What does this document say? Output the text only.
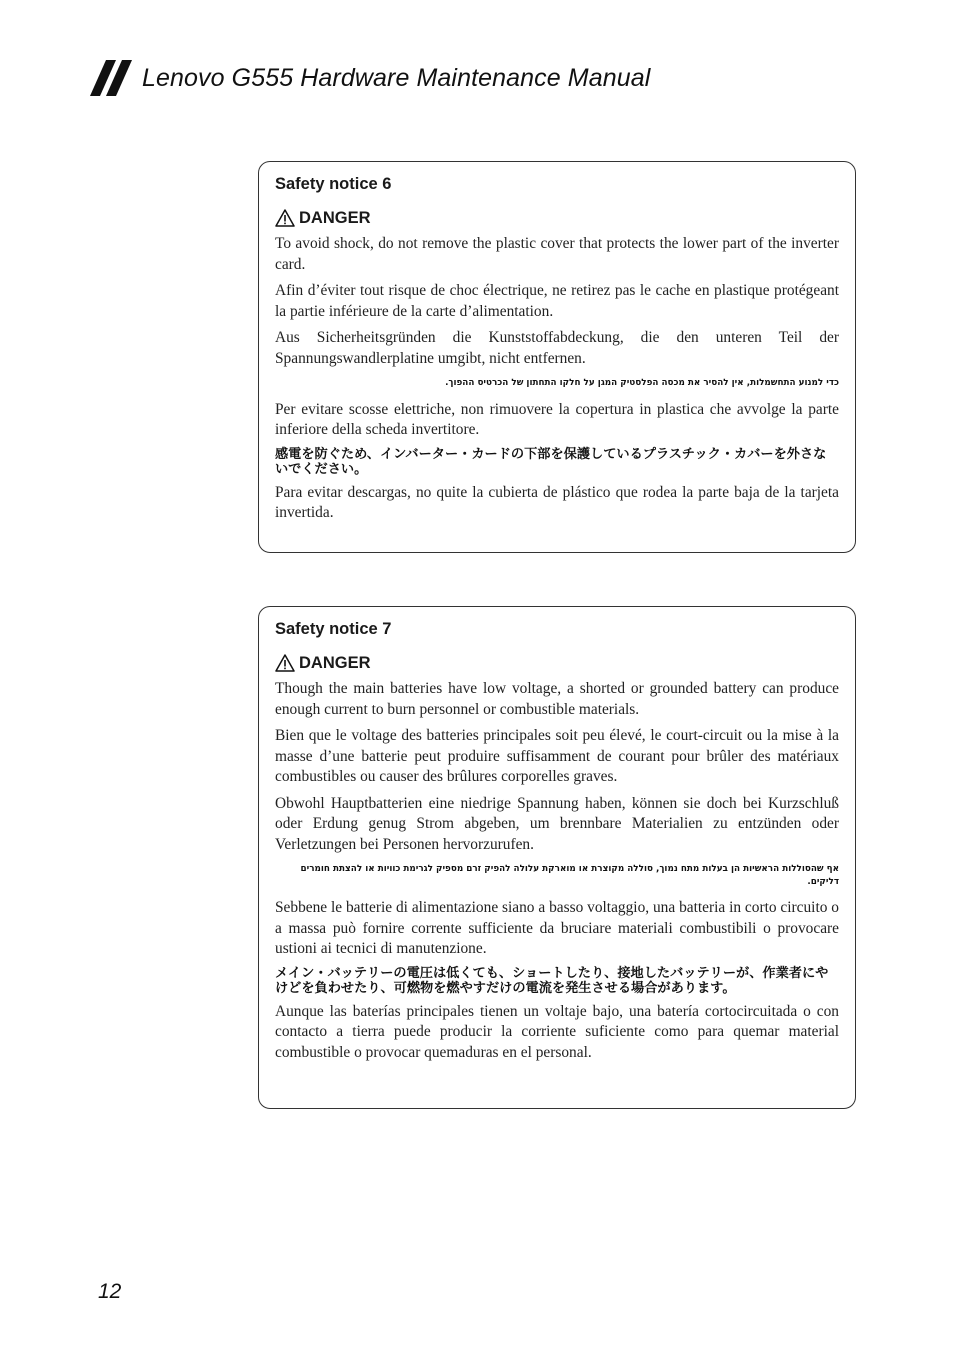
Lenovo G555 Hardware Maintenance Manual
Safety notice 6
DANGER

To avoid shock, do not remove the plastic cover that protects the lower part of the inverter card.

Afin d’éviter tout risque de choc électrique, ne retirez pas le cache en plastique protégeant la partie inférieure de la carte d’alimentation.

Aus Sicherheitsgründen die Kunststoffabdeckung, die den unteren Teil der Spannungswandlerplatine umgibt, nicht entfernen.

כדי למנוע התחשמלות, אין להסיר את מכסה הפלסטיק המגן על חלקו התחתון של הכרטיס ההפוך.

Per evitare scosse elettriche, non rimuovere la copertura in plastica che avvolge la parte inferiore della scheda invertitore.

感電を防ぐため、インバーター・カードの下部を保護しているプラスチック・カバーを外さないでください。

Para evitar descargas, no quite la cubierta de plástico que rodea la parte baja de la tarjeta invertida.

Safety notice 7
DANGER

Though the main batteries have low voltage, a shorted or grounded battery can produce enough current to burn personnel or combustible materials.

Bien que le voltage des batteries principales soit peu élevé, le court-circuit ou la mise à la masse d’une batterie peut produire suffisamment de courant pour brûler des matériaux combustibles ou causer des brûlures corporelles graves.

Obwohl Hauptbatterien eine niedrige Spannung haben, können sie doch bei Kurzschluß oder Erdung genug Strom abgeben, um brennbare Materialien zu entzünden oder Verletzungen bei Personen hervorzurufen.

אף שהסוללות הראשיות הן בעלות מתח נמוך, סוללה מקוצרת או מוארקת עלולה להפיק זרם מספיק לגרימת כוויות או להצתת חומרים דליקים.

Sebbene le batterie di alimentazione siano a basso voltaggio, una batteria in corto circuito o a massa può fornire corrente sufficiente da bruciare materiali combustibili o provocare ustioni ai tecnici di manutenzione.

メイン・バッテリーの電圧は低くても、ショートしたり、接地したバッテリーが、作業者にやけどを負わせたり、可燃物を燃やすだけの電流を発生させる場合があります。

Aunque las baterías principales tienen un voltaje bajo, una batería cortocircuitada o con contacto a tierra puede producir la corriente suficiente como para quemar material combustible o provocar quemaduras en el personal.

12
